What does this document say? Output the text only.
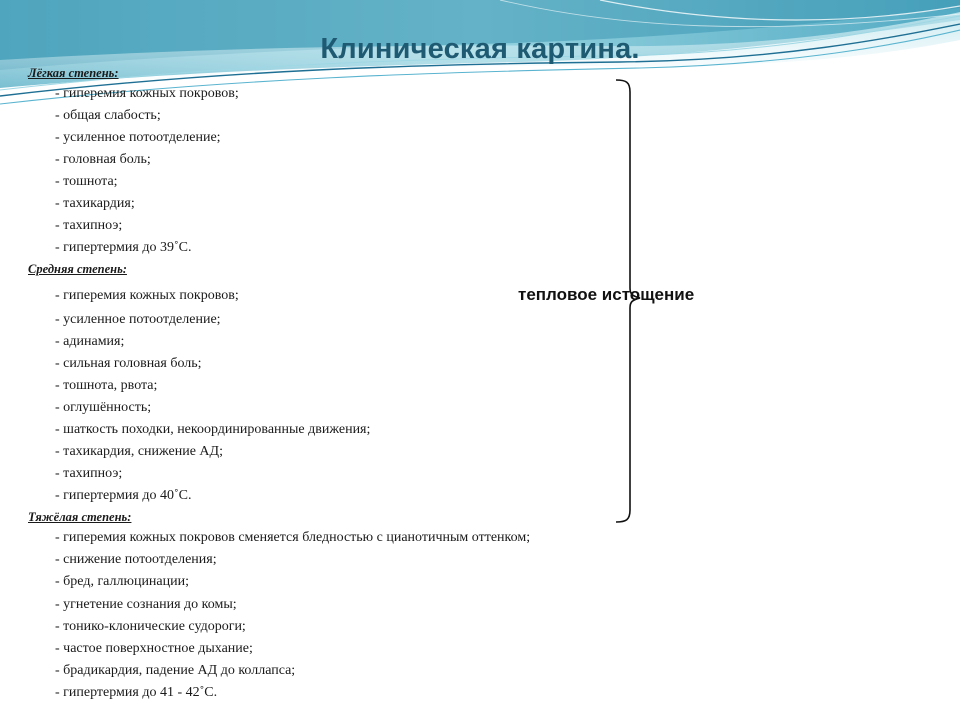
Клиническая картина.
Лёгкая степень:
- гиперемия кожных покровов;
- общая слабость;
- усиленное потоотделение;
- головная боль;
- тошнота;
- тахикардия;
- тахипноэ;
- гипертермия до 39˚С.
Средняя степень:
- гиперемия кожных покровов;
- усиленное потоотделение;
- адинамия;
- сильная головная боль;
- тошнота, рвота;
- оглушённость;
- шаткость походки, некоординированные движения;
- тахикардия, снижение АД;
- тахипноэ;
- гипертермия до 40˚С.
Тяжёлая степень:
- гиперемия кожных покровов сменяется бледностью с цианотичным оттенком;
- снижение потоотделения;
- бред, галлюцинации;
- угнетение сознания до комы;
- тонико-клонические судороги;
- частое поверхностное дыхание;
- брадикардия, падение АД до коллапса;
- гипертермия до 41 - 42˚С.
тепловое истощение
